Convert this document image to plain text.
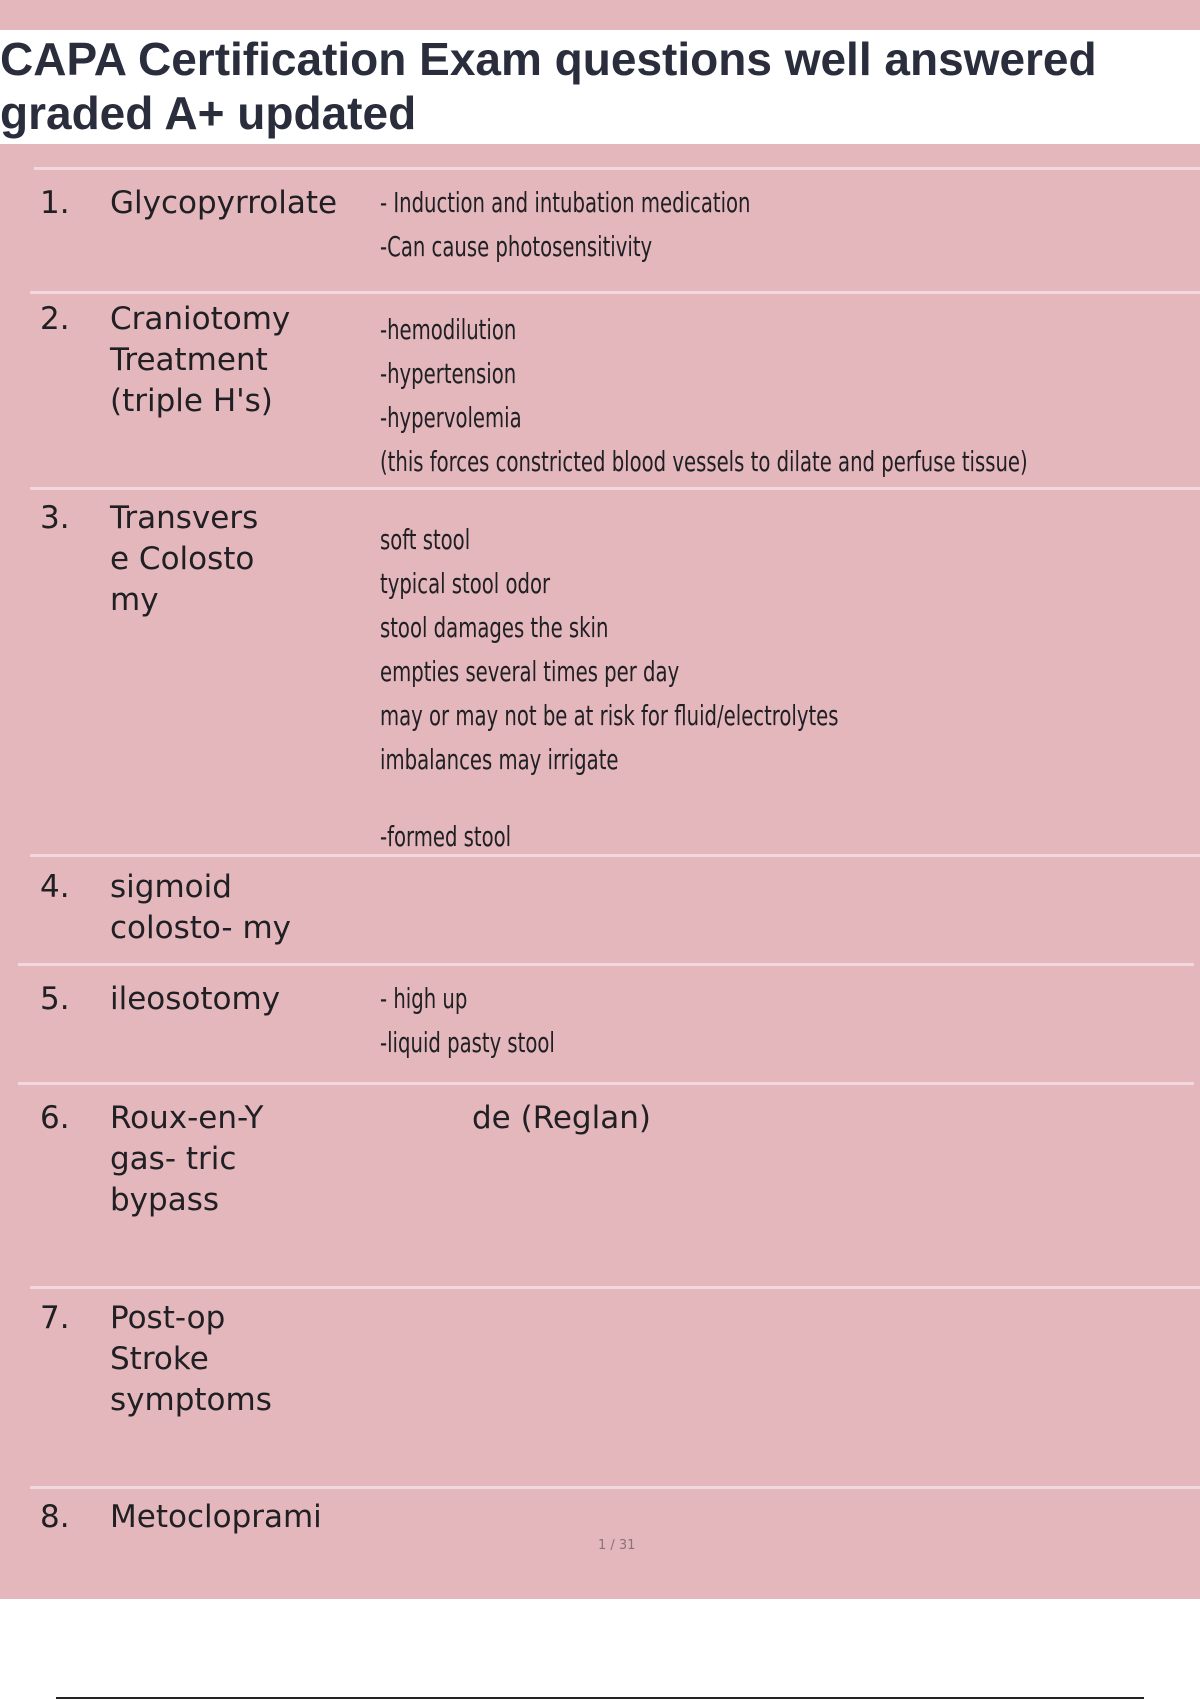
CAPA Certification Exam questions well answered graded A+ updated

1. Glycopyrrolate	- Induction and intubation medication
-Can cause photosensitivity

2. Craniotomy Treatment (triple H's)

-hemodilution
-hypertension
-hypervolemia
(this forces constricted blood vessels to dilate and perfuse tissue)

3. Transvers e Colosto my

soft stool
typical stool odor
stool damages the skin
empties several times per day
may or may not be at risk for fluid/electrolytes
imbalances may irrigate
-formed stool

4. sigmoid colosto- my

5. ileosotomy	- high up
-liquid pasty stool

6. Roux-en-Y gas- tric bypass

de (Reglan)

7. Post-op Stroke symptoms

8. Metocloprami

1 / 31
